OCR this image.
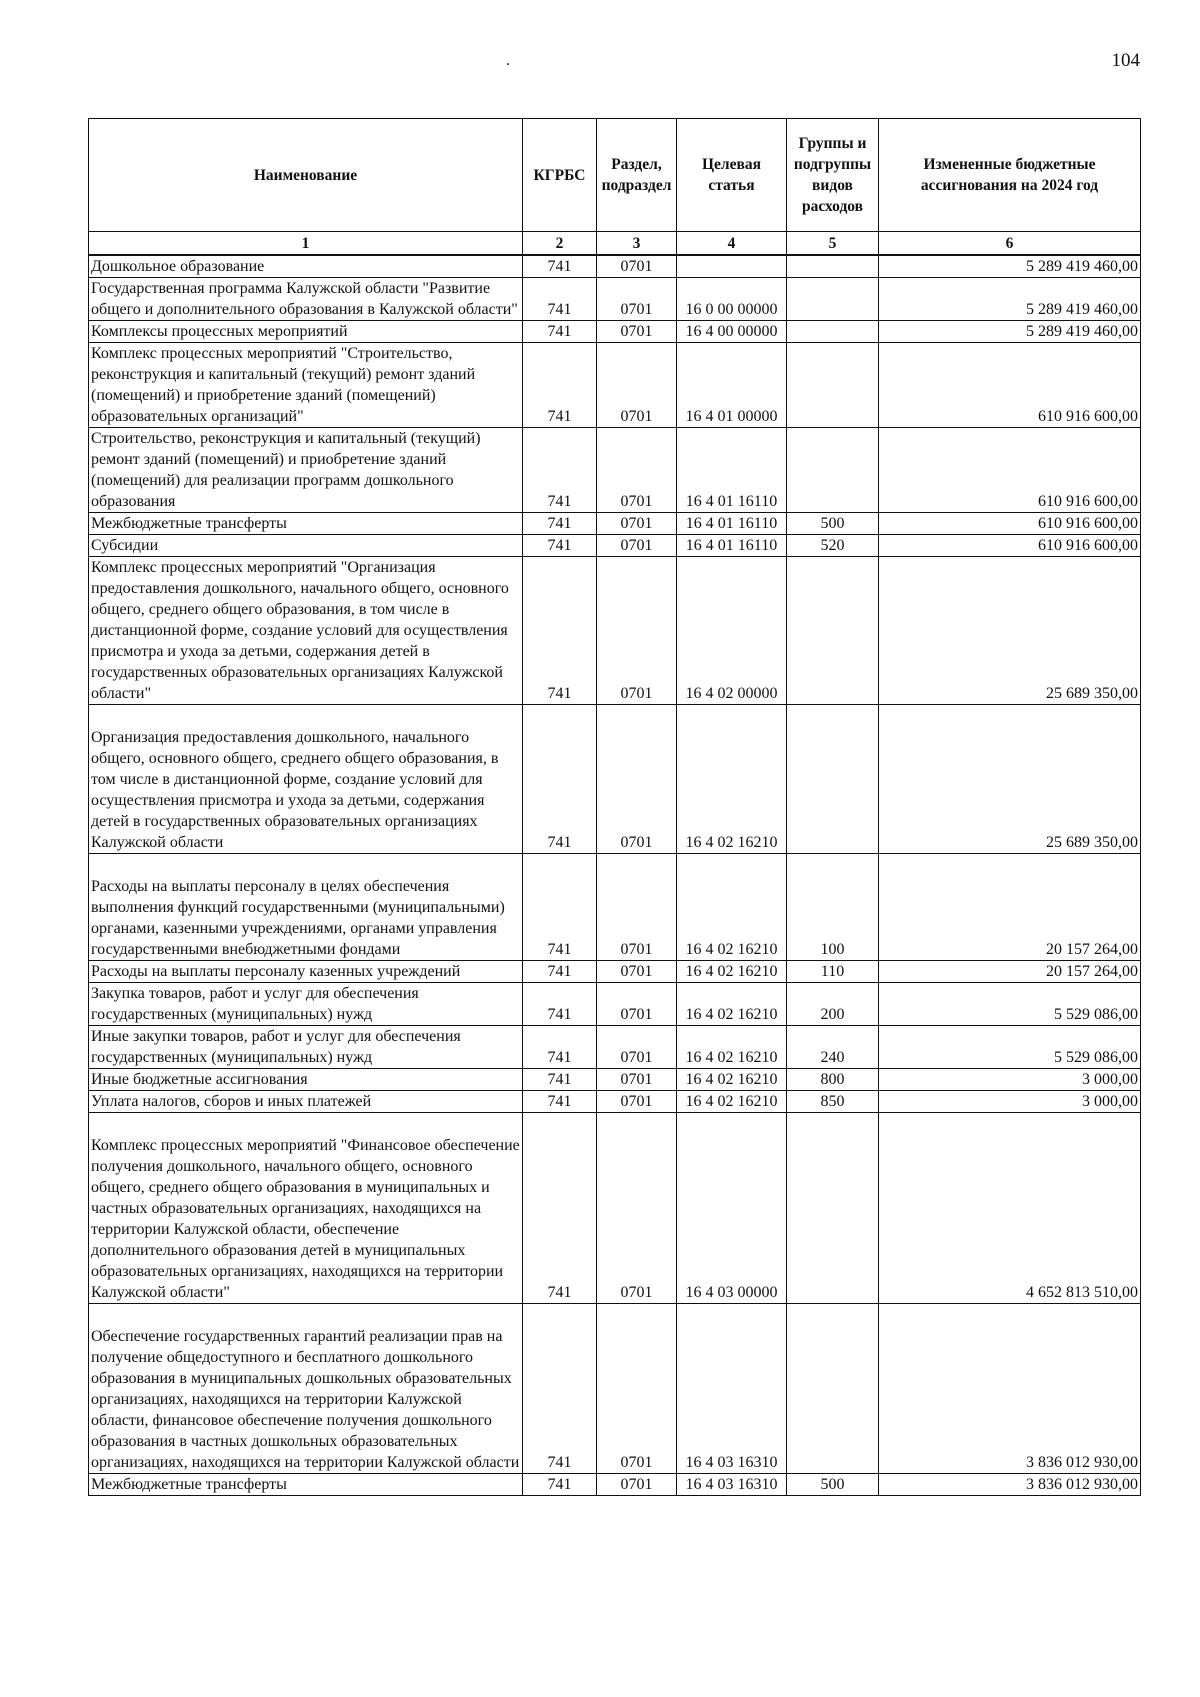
.	104
Наименование	КГРБС	Раздел, подраздел	Целевая статья	Группы и подгруппы видов расходов	Измененные бюджетные ассигнования на 2024 год
1	2	3	4	5	6
Дошкольное образование	741	0701			5 289 419 460,00
Государственная программа Калужской области "Развитие общего и дополнительного образования в Калужской области"	741	0701	16 0 00 00000		5 289 419 460,00
Комплексы процессных мероприятий	741	0701	16 4 00 00000		5 289 419 460,00
Комплекс процессных мероприятий "Строительство, реконструкция и капитальный (текущий) ремонт зданий (помещений) и приобретение зданий (помещений) образовательных организаций"	741	0701	16 4 01 00000		610 916 600,00
Строительство, реконструкция и капитальный (текущий) ремонт зданий (помещений) и приобретение зданий (помещений) для реализации программ дошкольного образования	741	0701	16 4 01 16110		610 916 600,00
Межбюджетные трансферты	741	0701	16 4 01 16110	500	610 916 600,00
Субсидии	741	0701	16 4 01 16110	520	610 916 600,00
Комплекс процессных мероприятий "Организация предоставления дошкольного, начального общего, основного общего, среднего общего образования, в том числе в дистанционной форме, создание условий для осуществления присмотра и ухода за детьми, содержания детей в государственных образовательных организациях Калужской области"	741	0701	16 4 02 00000		25 689 350,00
Организация предоставления дошкольного, начального общего, основного общего, среднего общего образования, в том числе в дистанционной форме, создание условий для осуществления присмотра и ухода за детьми, содержания детей в государственных образовательных организациях Калужской области	741	0701	16 4 02 16210		25 689 350,00
Расходы на выплаты персоналу в целях обеспечения выполнения функций государственными (муниципальными) органами, казенными учреждениями, органами управления государственными внебюджетными фондами	741	0701	16 4 02 16210	100	20 157 264,00
Расходы на выплаты персоналу казенных учреждений	741	0701	16 4 02 16210	110	20 157 264,00
Закупка товаров, работ и услуг для обеспечения государственных (муниципальных) нужд	741	0701	16 4 02 16210	200	5 529 086,00
Иные закупки товаров, работ и услуг для обеспечения государственных (муниципальных) нужд	741	0701	16 4 02 16210	240	5 529 086,00
Иные бюджетные ассигнования	741	0701	16 4 02 16210	800	3 000,00
Уплата налогов, сборов и иных платежей	741	0701	16 4 02 16210	850	3 000,00
Комплекс процессных мероприятий "Финансовое обеспечение получения дошкольного, начального общего, основного общего, среднего общего образования в муниципальных и частных образовательных организациях, находящихся на территории Калужской области, обеспечение дополнительного образования детей в муниципальных образовательных организациях, находящихся на территории Калужской области"	741	0701	16 4 03 00000		4 652 813 510,00
Обеспечение государственных гарантий реализации прав на получение общедоступного и бесплатного дошкольного образования в муниципальных дошкольных образовательных организациях, находящихся на территории Калужской области, финансовое обеспечение получения дошкольного образования в частных дошкольных образовательных организациях, находящихся на территории Калужской области	741	0701	16 4 03 16310		3 836 012 930,00
Межбюджетные трансферты	741	0701	16 4 03 16310	500	3 836 012 930,00
